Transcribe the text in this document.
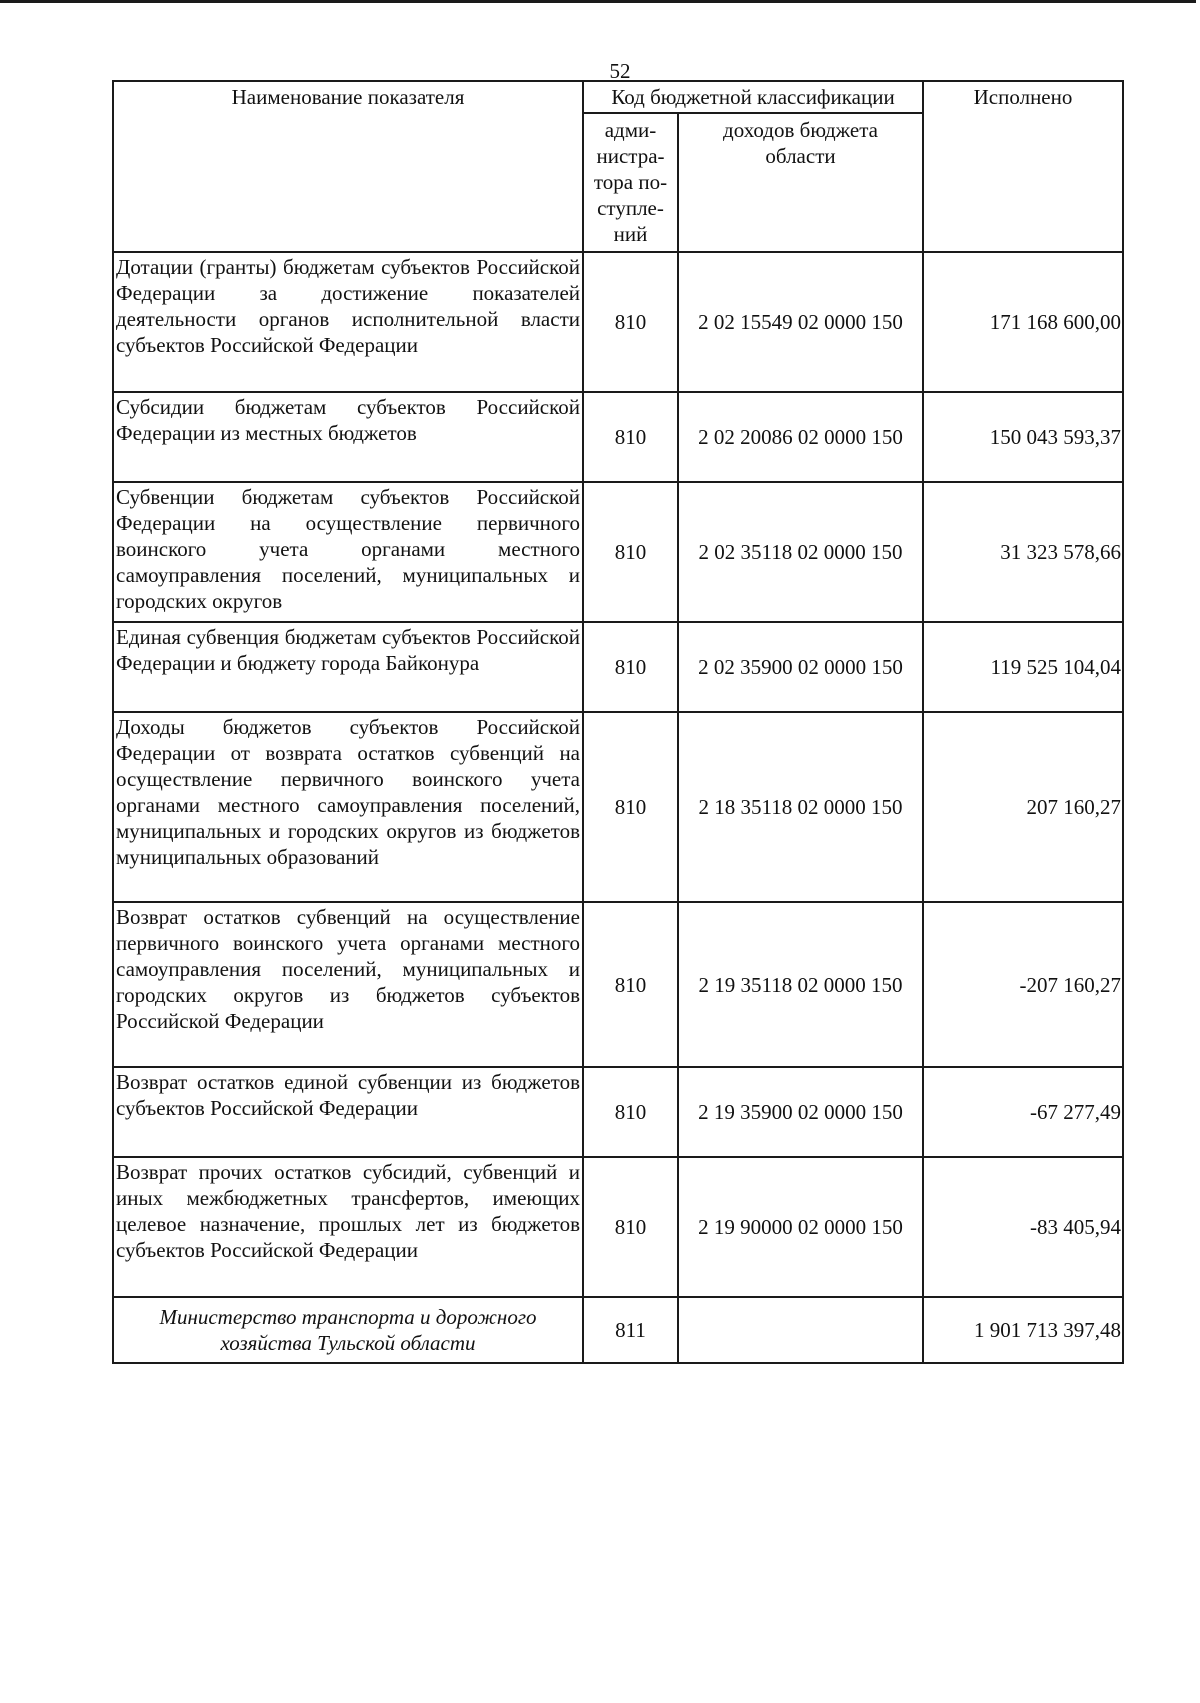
52
Наименование показателя	Код бюджетной классификации		Исполнено
	адми-
нистра-
тора по-
ступле-
ний	доходов бюджета
области	
Дотации (гранты) бюджетам субъектов Российской Федерации за достижение показателей деятельности органов исполнительной власти субъектов Российской Федерации	810	2 02 15549 02 0000 150	171 168 600,00
Субсидии бюджетам субъектов Российской Федерации из местных бюджетов	810	2 02 20086 02 0000 150	150 043 593,37
Субвенции бюджетам субъектов Российской Федерации на осуществление первичного воинского учета органами местного самоуправления поселений, муниципальных и городских округов	810	2 02 35118 02 0000 150	31 323 578,66
Единая субвенция бюджетам субъектов Российской Федерации и бюджету города Байконура	810	2 02 35900 02 0000 150	119 525 104,04
Доходы бюджетов субъектов Российской Федерации от возврата остатков субвенций на осуществление первичного воинского учета органами местного самоуправления поселений, муниципальных и городских округов из бюджетов муниципальных образований	810	2 18 35118 02 0000 150	207 160,27
Возврат остатков субвенций на осуществление первичного воинского учета органами местного самоуправления поселений, муниципальных и городских округов из бюджетов субъектов Российской Федерации	810	2 19 35118 02 0000 150	-207 160,27
Возврат остатков единой субвенции из бюджетов субъектов Российской Федерации	810	2 19 35900 02 0000 150	-67 277,49
Возврат прочих остатков субсидий, субвенций и иных межбюджетных трансфертов, имеющих целевое назначение, прошлых лет из бюджетов субъектов Российской Федерации	810	2 19 90000 02 0000 150	-83 405,94
Министерство транспорта и дорожного хозяйства Тульской области	811		1 901 713 397,48
